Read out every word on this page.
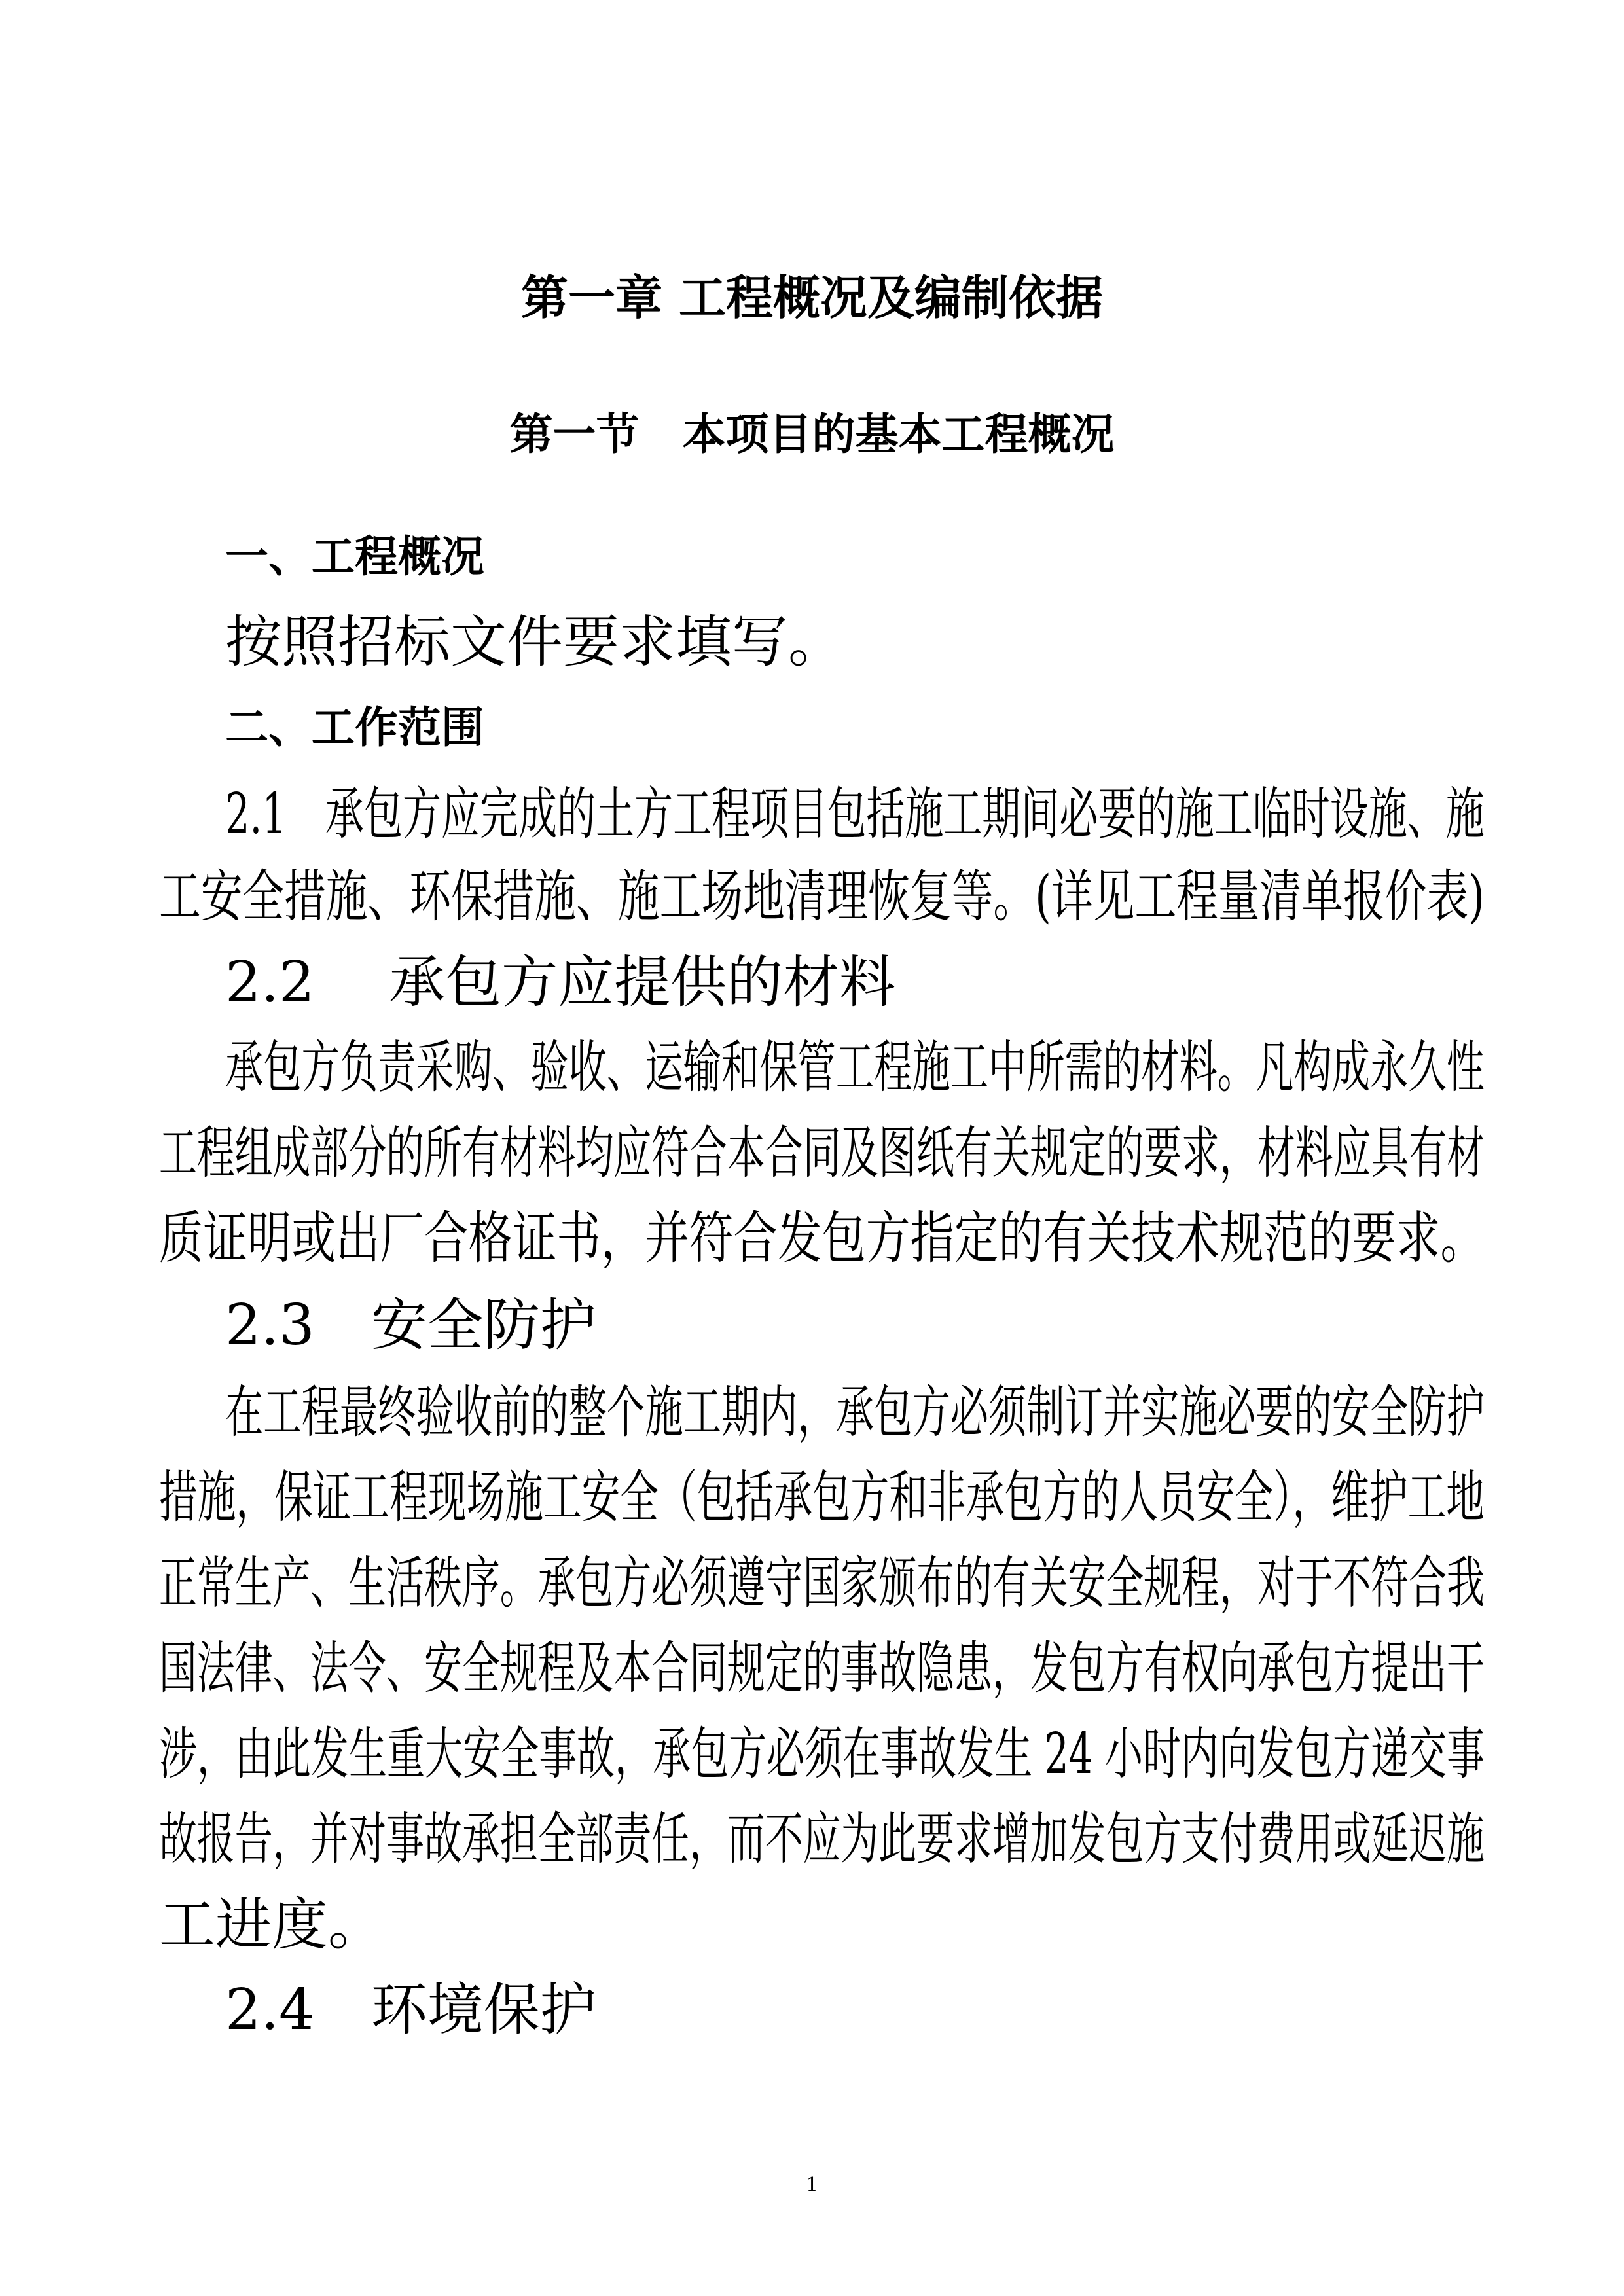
第一章 工程概况及编制依据
第一节　本项目的基本工程概况
一、工程概况
按照招标文件要求填写。
二、工作范围
2.1　承包方应完成的土方工程项目包括施工期间必要的施工临时设施、施
工安全措施、环保措施、施工场地清理恢复等。(详见工程量清单报价表)
2.2　 承包方应提供的材料
承包方负责采购、验收、运输和保管工程施工中所需的材料。凡构成永久性
工程组成部分的所有材料均应符合本合同及图纸有关规定的要求，材料应具有材
质证明或出厂合格证书，并符合发包方指定的有关技术规范的要求。
2.3　安全防护
在工程最终验收前的整个施工期内，承包方必须制订并实施必要的安全防护
措施，保证工程现场施工安全（包括承包方和非承包方的人员安全），维护工地
正常生产、生活秩序。承包方必须遵守国家颁布的有关安全规程，对于不符合我
国法律、法令、安全规程及本合同规定的事故隐患，发包方有权向承包方提出干
涉，由此发生重大安全事故，承包方必须在事故发生 24 小时内向发包方递交事
故报告，并对事故承担全部责任，而不应为此要求增加发包方支付费用或延迟施
工进度。
2.4　环境保护
1
